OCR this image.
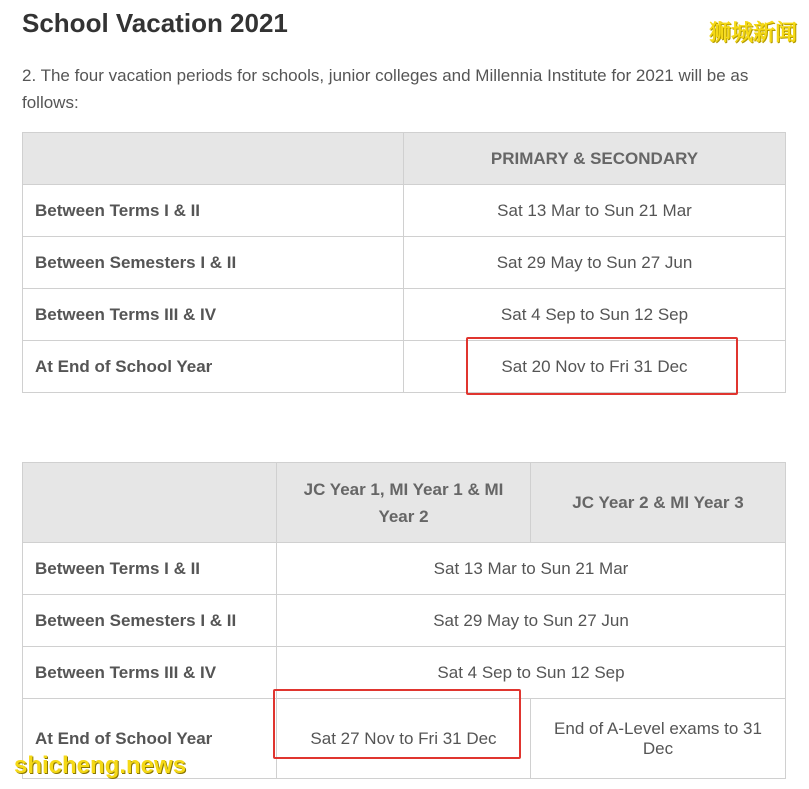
School Vacation 2021	狮城新闻

2. The four vacation periods for schools, junior colleges and Millennia Institute for 2021 will be as follows:

	PRIMARY & SECONDARY
Between Terms I & II	Sat 13 Mar to Sun 21 Mar
Between Semesters I & II	Sat 29 May to Sun 27 Jun
Between Terms III & IV	Sat 4 Sep to Sun 12 Sep
At End of School Year	Sat 20 Nov to Fri 31 Dec
	JC Year 1, MI Year 1 & MI Year 2	JC Year 2 & MI Year 3
Between Terms I & II	Sat 13 Mar to Sun 21 Mar	
Between Semesters I & II	Sat 29 May to Sun 27 Jun	
Between Terms III & IV	Sat 4 Sep to Sun 12 Sep	
At End of School Year	Sat 27 Nov to Fri 31 Dec	End of A-Level exams to 31 Dec
shicheng.news
